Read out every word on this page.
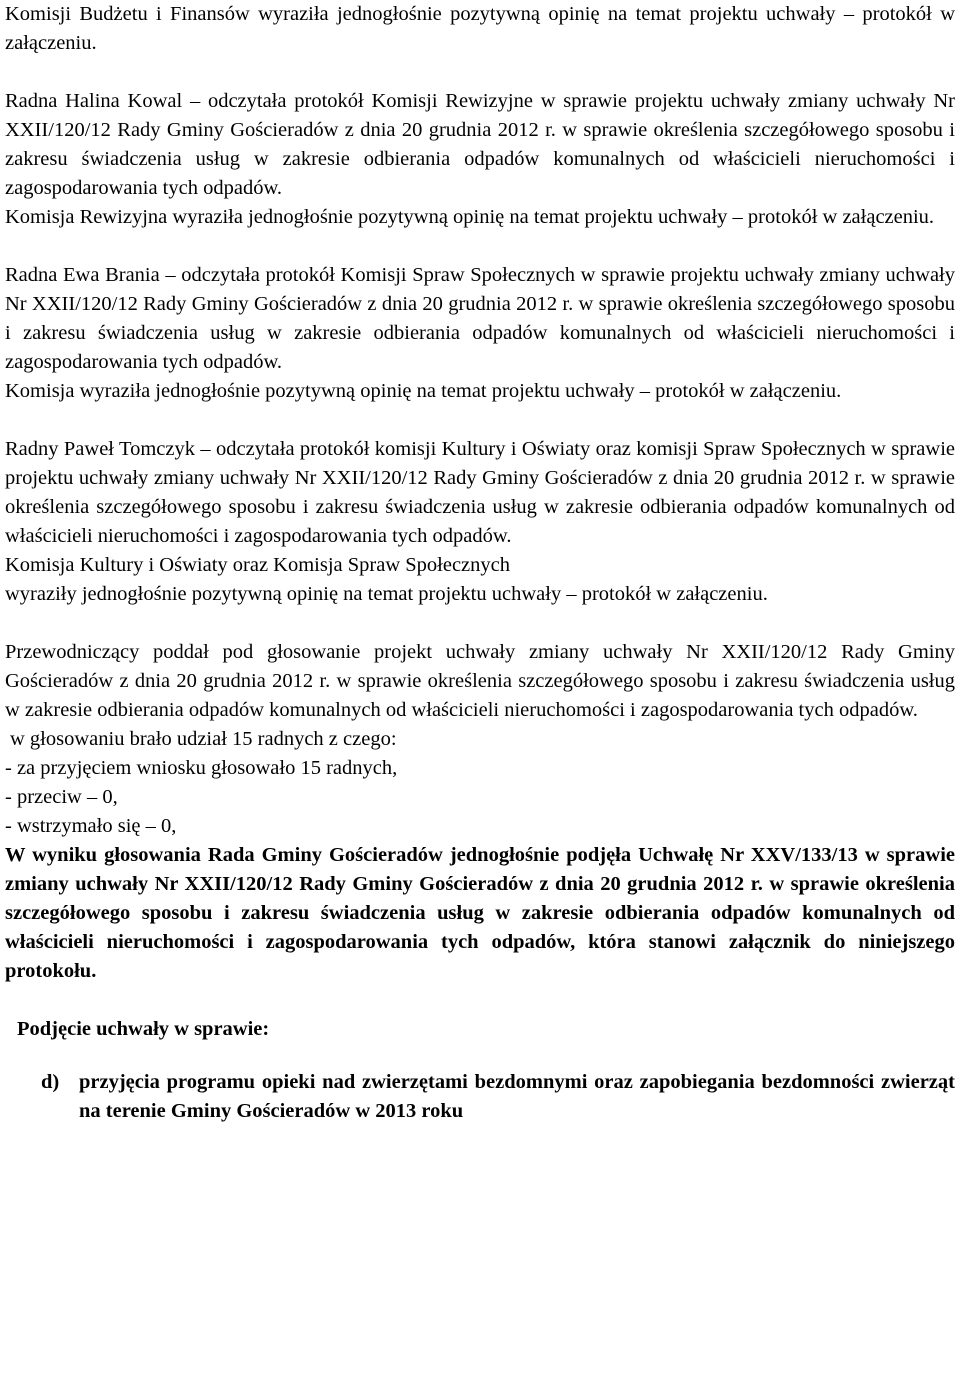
Komisji Budżetu i Finansów wyraziła jednogłośnie pozytywną opinię na temat projektu uchwały – protokół w załączeniu.

Radna Halina Kowal – odczytała protokół Komisji Rewizyjne w sprawie projektu uchwały zmiany uchwały Nr XXII/120/12 Rady Gminy Gościeradów z dnia 20 grudnia 2012 r. w sprawie określenia szczegółowego sposobu i zakresu świadczenia usług w zakresie odbierania odpadów komunalnych od właścicieli nieruchomości i zagospodarowania tych odpadów.

Komisja Rewizyjna wyraziła jednogłośnie pozytywną opinię na temat projektu uchwały – protokół w załączeniu.

Radna Ewa Brania – odczytała protokół Komisji Spraw Społecznych w sprawie projektu uchwały zmiany uchwały Nr XXII/120/12 Rady Gminy Gościeradów z dnia 20 grudnia 2012 r. w sprawie określenia szczegółowego sposobu i zakresu świadczenia usług w zakresie odbierania odpadów komunalnych od właścicieli nieruchomości i zagospodarowania tych odpadów.

Komisja wyraziła jednogłośnie pozytywną opinię na temat projektu uchwały – protokół w załączeniu.

Radny Paweł Tomczyk – odczytała protokół komisji Kultury i Oświaty oraz komisji Spraw Społecznych w sprawie projektu uchwały zmiany uchwały Nr XXII/120/12 Rady Gminy Gościeradów z dnia 20 grudnia 2012 r. w sprawie określenia szczegółowego sposobu i zakresu świadczenia usług w zakresie odbierania odpadów komunalnych od właścicieli nieruchomości i zagospodarowania tych odpadów.

Komisja Kultury i Oświaty oraz Komisja Spraw Społecznych

wyraziły jednogłośnie pozytywną opinię na temat projektu uchwały – protokół w załączeniu.

Przewodniczący poddał pod głosowanie projekt uchwały zmiany uchwały Nr XXII/120/12 Rady Gminy Gościeradów z dnia 20 grudnia 2012 r. w sprawie określenia szczegółowego sposobu i zakresu świadczenia usług w zakresie odbierania odpadów komunalnych od właścicieli nieruchomości i zagospodarowania tych odpadów.

w głosowaniu brało udział 15 radnych z czego:

- za przyjęciem wniosku głosowało 15 radnych,

- przeciw – 0,

- wstrzymało się – 0,

W wyniku głosowania Rada Gminy Gościeradów jednogłośnie podjęła Uchwałę Nr XXV/133/13 w sprawie zmiany uchwały Nr XXII/120/12 Rady Gminy Gościeradów z dnia 20 grudnia 2012 r. w sprawie określenia szczegółowego sposobu i zakresu świadczenia usług w zakresie odbierania odpadów komunalnych od właścicieli nieruchomości i zagospodarowania tych odpadów, która stanowi załącznik do niniejszego protokołu.

Podjęcie uchwały w sprawie:

d) przyjęcia programu opieki nad zwierzętami bezdomnymi oraz zapobiegania bezdomności zwierząt na terenie Gminy Gościeradów w 2013 roku
